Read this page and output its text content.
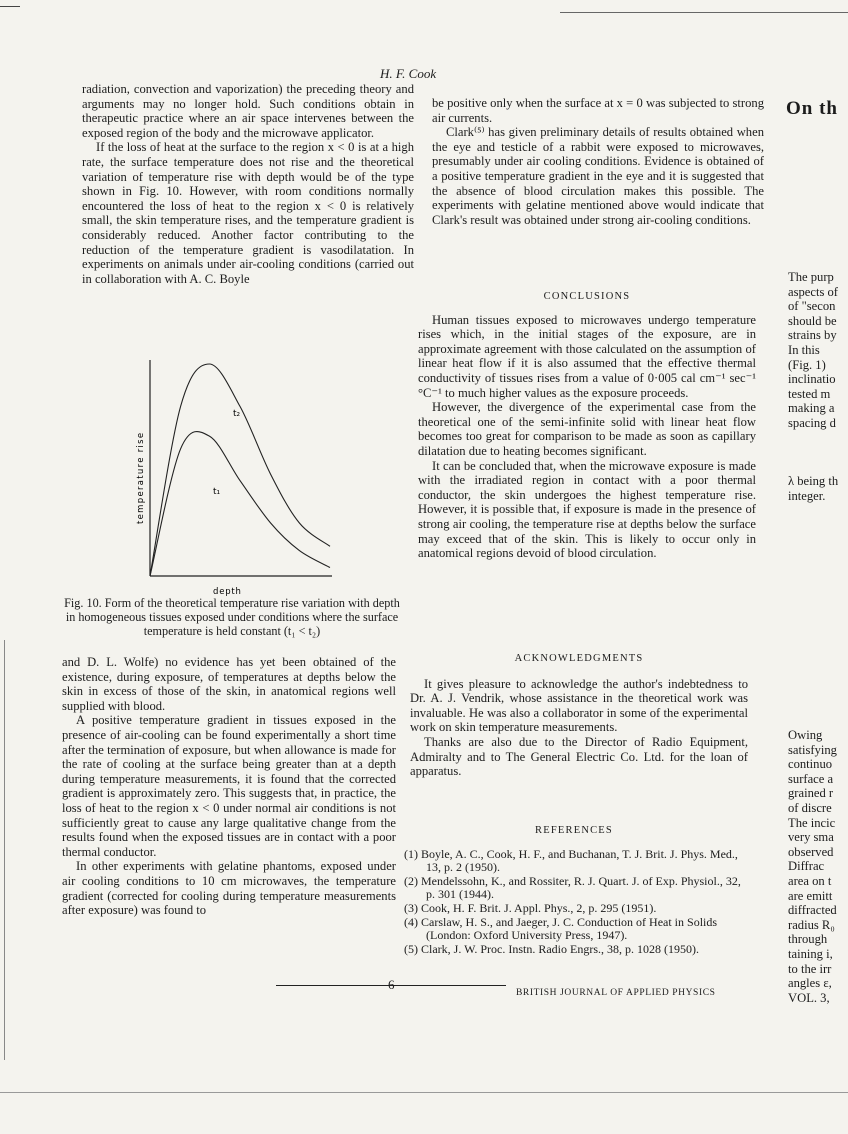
H. F. Cook

radiation, convection and vaporization) the preceding theory and arguments may no longer hold. Such conditions obtain in therapeutic practice where an air space intervenes between the exposed region of the body and the microwave applicator.

If the loss of heat at the surface to the region x < 0 is at a high rate, the surface temperature does not rise and the theoretical variation of temperature rise with depth would be of the type shown in Fig. 10. However, with room conditions normally encountered the loss of heat to the region x < 0 is relatively small, the skin temperature rises, and the temperature gradient is considerably reduced. Another factor contributing to the reduction of the temperature gradient is vasodilatation. In experiments on animals under air-cooling conditions (carried out in collaboration with A. C. Boyle

t₂
t₁
temperature rise
depth
Fig. 10. Form of the theoretical temperature rise variation with depth in homogeneous tissues exposed under conditions where the surface temperature is held constant (t₁ < t₂)

and D. L. Wolfe) no evidence has yet been obtained of the existence, during exposure, of temperatures at depths below the skin in excess of those of the skin, in anatomical regions well supplied with blood.

A positive temperature gradient in tissues exposed in the presence of air-cooling can be found experimentally a short time after the termination of exposure, but when allowance is made for the rate of cooling at the surface being greater than at a depth during temperature measurements, it is found that the corrected gradient is approximately zero. This suggests that, in practice, the loss of heat to the region x < 0 under normal air conditions is not sufficiently great to cause any large qualitative change from the results found when the exposed tissues are in contact with a poor thermal conductor.

In other experiments with gelatine phantoms, exposed under air cooling conditions to 10 cm microwaves, the temperature gradient (corrected for cooling during temperature measurements after exposure) was found to

be positive only when the surface at x = 0 was subjected to strong air currents.

Clark⁽⁵⁾ has given preliminary details of results obtained when the eye and testicle of a rabbit were exposed to microwaves, presumably under air cooling conditions. Evidence is obtained of a positive temperature gradient in the eye and it is suggested that the absence of blood circulation makes this possible. The experiments with gelatine mentioned above would indicate that Clark's result was obtained under strong air-cooling conditions.

CONCLUSIONS

Human tissues exposed to microwaves undergo temperature rises which, in the initial stages of the exposure, are in approximate agreement with those calculated on the assumption of linear heat flow if it is also assumed that the effective thermal conductivity of tissues rises from a value of 0·005 cal cm⁻¹ sec⁻¹ °C⁻¹ to much higher values as the exposure proceeds.

However, the divergence of the experimental case from the theoretical one of the semi-infinite solid with linear heat flow becomes too great for comparison to be made as soon as capillary dilatation due to heating becomes significant.

It can be concluded that, when the microwave exposure is made with the irradiated region in contact with a poor thermal conductor, the skin undergoes the highest temperature rise. However, it is possible that, if exposure is made in the presence of strong air cooling, the temperature rise at depths below the surface may exceed that of the skin. This is likely to occur only in anatomical regions devoid of blood circulation.

ACKNOWLEDGMENTS

It gives pleasure to acknowledge the author's indebtedness to Dr. A. J. Vendrik, whose assistance in the theoretical work was invaluable. He was also a collaborator in some of the experimental work on skin temperature measurements.

Thanks are also due to the Director of Radio Equipment, Admiralty and to The General Electric Co. Ltd. for the loan of apparatus.

REFERENCES

(1) Boyle, A. C., Cook, H. F., and Buchanan, T. J. Brit. J. Phys. Med., 13, p. 2 (1950).

(2) Mendelssohn, K., and Rossiter, R. J. Quart. J. of Exp. Physiol., 32, p. 301 (1944).

(3) Cook, H. F. Brit. J. Appl. Phys., 2, p. 295 (1951).

(4) Carslaw, H. S., and Jaeger, J. C. Conduction of Heat in Solids (London: Oxford University Press, 1947).

(5) Clark, J. W. Proc. Instn. Radio Engrs., 38, p. 1028 (1950).

6
BRITISH JOURNAL OF APPLIED PHYSICS
On th
The purp
aspects of
of "secon
should be
strains by
In this
(Fig. 1)
inclinatio
tested m
making a
spacing d
λ being th
integer.
Owing
satisfying
continuo
surface a
grained r
of discre
The incic
very sma
observed
Diffrac
area on t
are emitt
diffracted
radius R₀
through
taining i,
to the irr
angles ε,
VOL. 3,
